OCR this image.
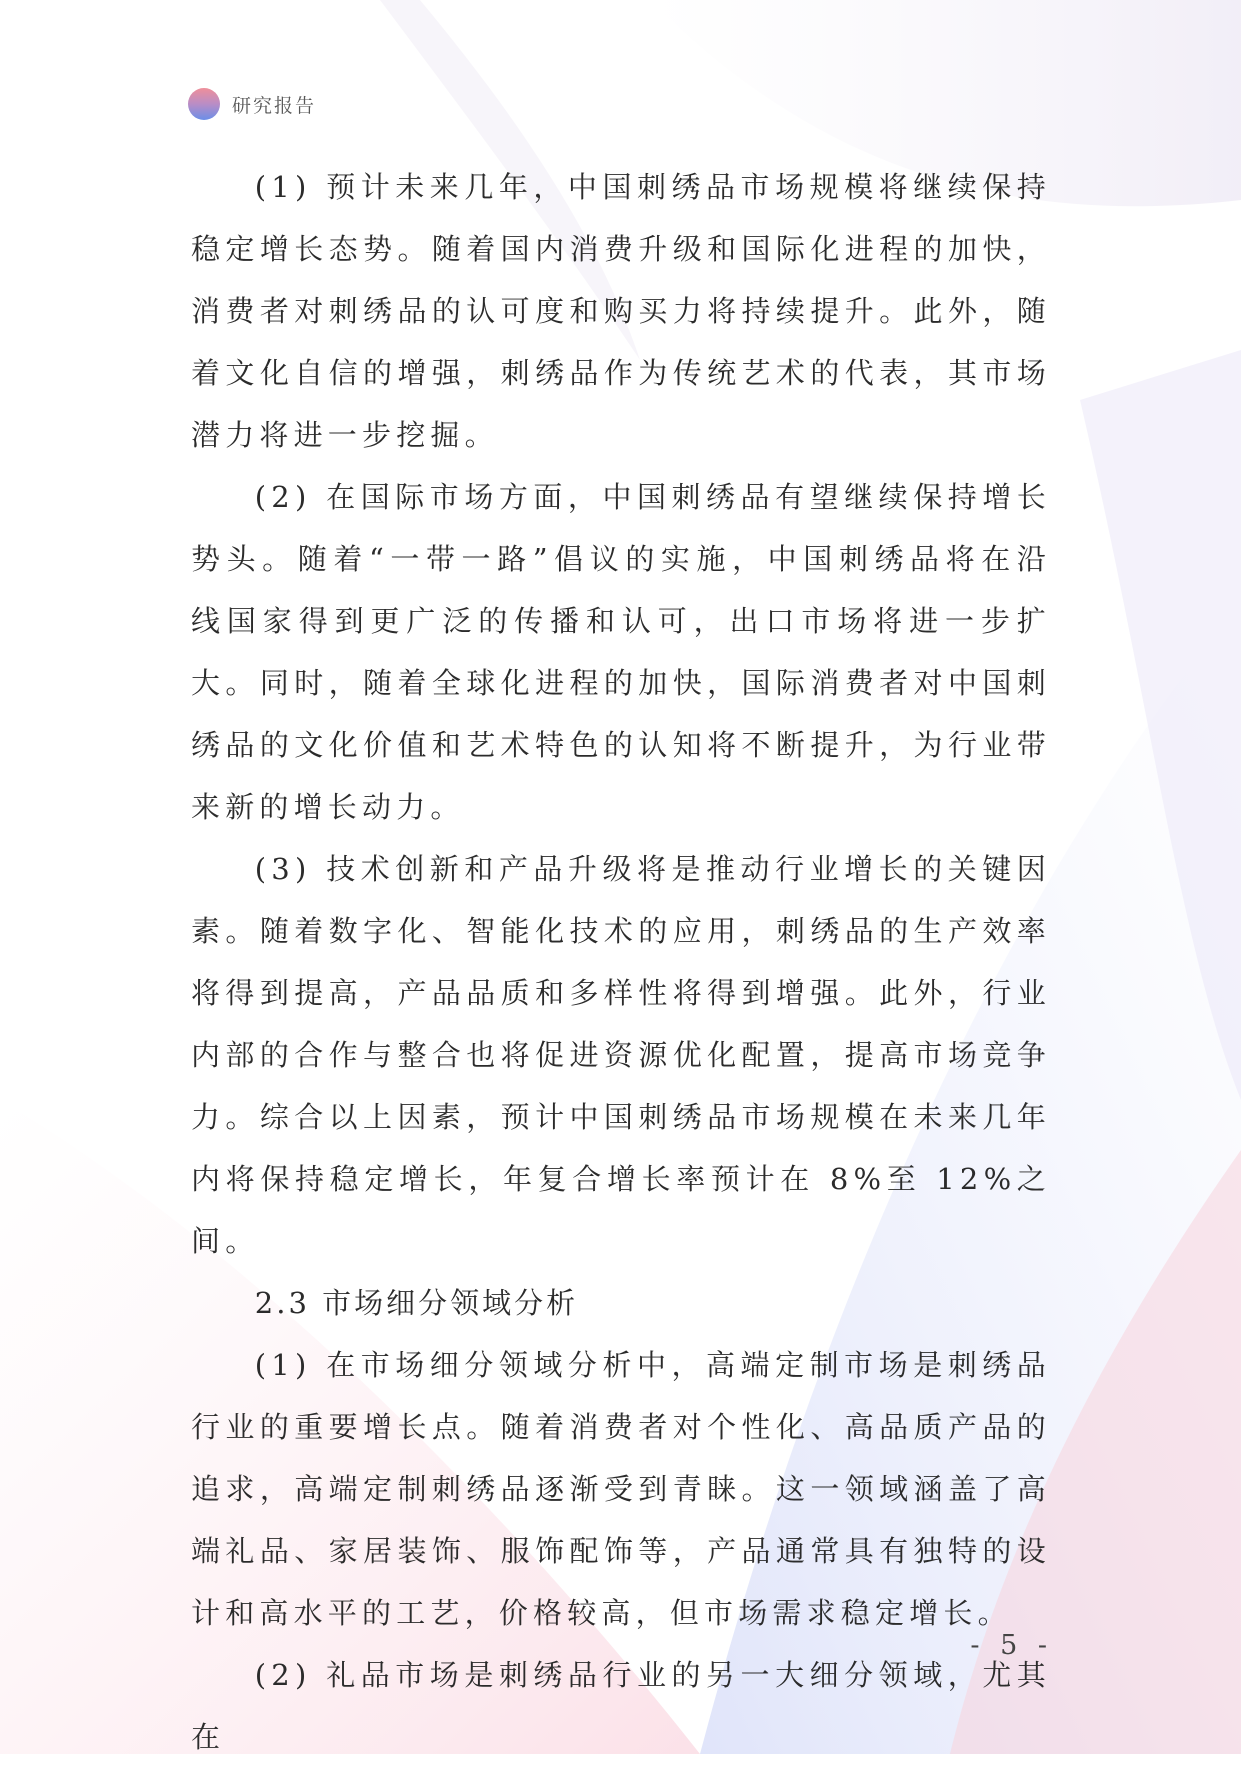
研究报告

(1) 预计未来几年，中国刺绣品市场规模将继续保持稳定增长态势。随着国内消费升级和国际化进程的加快，消费者对刺绣品的认可度和购买力将持续提升。此外，随着文化自信的增强，刺绣品作为传统艺术的代表，其市场潜力将进一步挖掘。

(2) 在国际市场方面，中国刺绣品有望继续保持增长势头。随着“一带一路”倡议的实施，中国刺绣品将在沿线国家得到更广泛的传播和认可，出口市场将进一步扩大。同时，随着全球化进程的加快，国际消费者对中国刺绣品的文化价值和艺术特色的认知将不断提升，为行业带来新的增长动力。

(3) 技术创新和产品升级将是推动行业增长的关键因素。随着数字化、智能化技术的应用，刺绣品的生产效率将得到提高，产品品质和多样性将得到增强。此外，行业内部的合作与整合也将促进资源优化配置，提高市场竞争力。综合以上因素，预计中国刺绣品市场规模在未来几年内将保持稳定增长，年复合增长率预计在 8%至 12%之间。

2.3 市场细分领域分析

(1) 在市场细分领域分析中，高端定制市场是刺绣品行业的重要增长点。随着消费者对个性化、高品质产品的追求，高端定制刺绣品逐渐受到青睐。这一领域涵盖了高端礼品、家居装饰、服饰配饰等，产品通常具有独特的设计和高水平的工艺，价格较高，但市场需求稳定增长。

(2) 礼品市场是刺绣品行业的另一大细分领域，尤其在

- 5 -
